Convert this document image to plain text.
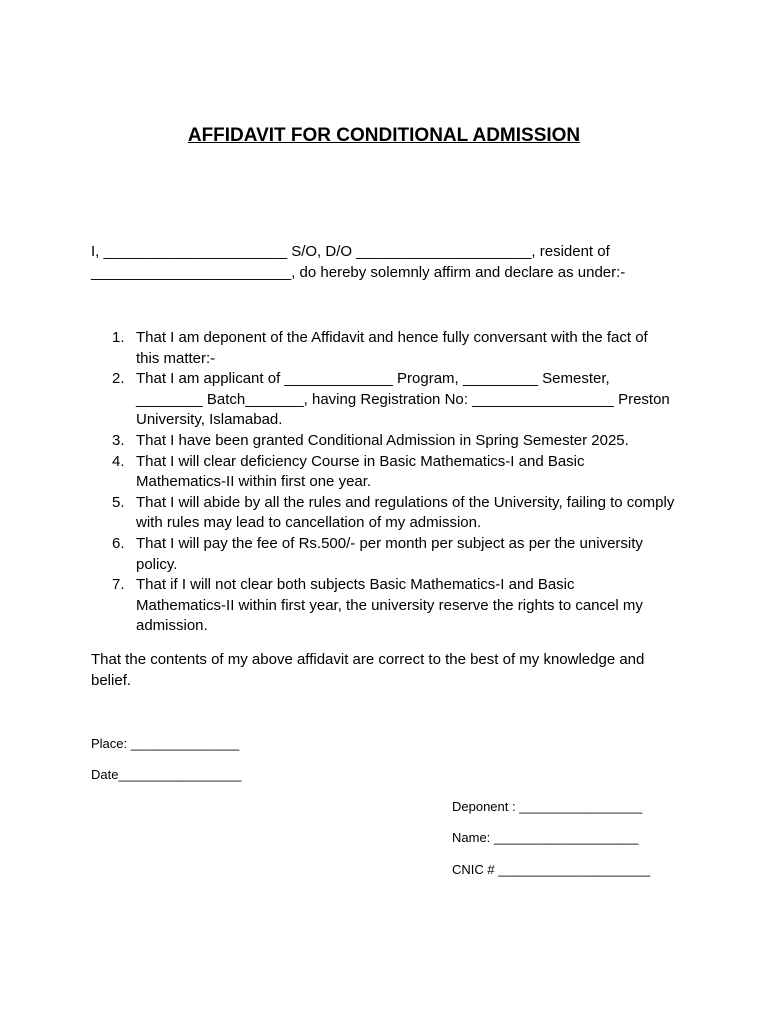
AFFIDAVIT FOR CONDITIONAL ADMISSION

I, ______________________ S/O, D/O _____________________, resident of

________________________, do hereby solemnly affirm and declare as under:-

1. That I am deponent of the Affidavit and hence fully conversant with the fact of
this matter:-
2. That I am applicant of _____________ Program, _________ Semester,
________ Batch_______, having Registration No: _________________ Preston
University, Islamabad.
3. That I have been granted Conditional Admission in Spring Semester 2025.
4. That I will clear deficiency Course in Basic Mathematics-I and Basic
Mathematics-II within first one year.
5. That I will abide by all the rules and regulations of the University, failing to comply
with rules may lead to cancellation of my admission.
6. That I will pay the fee of Rs.500/- per month per subject as per the university
policy.
7. That if I will not clear both subjects Basic Mathematics-I and Basic
Mathematics-II within first year, the university reserve the rights to cancel my
admission.

That the contents of my above affidavit are correct to the best of my knowledge and

belief.

Place: _______________
Date_________________
Deponent : _________________
Name: ____________________
CNIC # _____________________
